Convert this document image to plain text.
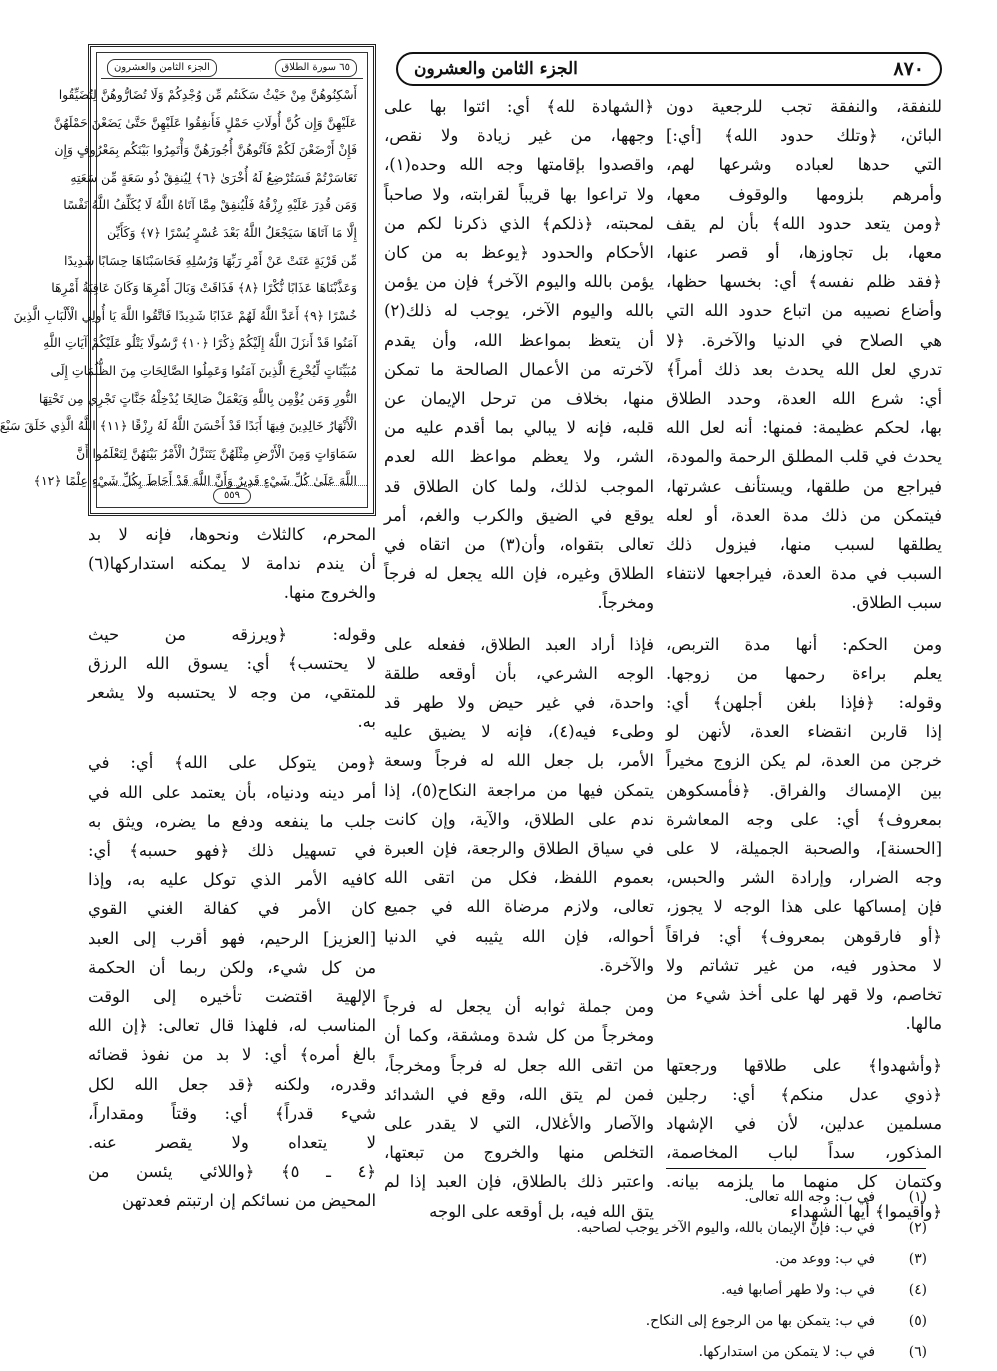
٨٧٠
الجزء الثامن والعشرون
٦٥ سورة الطلاق
الجزء الثامن والعشرون

أَسْكِنُوهُنَّ مِنْ حَيْثُ سَكَنتُم مِّن وُجْدِكُمْ وَلَا تُضَارُّوهُنَّ لِتُضَيِّقُوا

عَلَيْهِنَّ وَإِن كُنَّ أُولَاتِ حَمْلٍ فَأَنفِقُوا عَلَيْهِنَّ حَتَّىٰ يَضَعْنَ حَمْلَهُنَّ

فَإِنْ أَرْضَعْنَ لَكُمْ فَآتُوهُنَّ أُجُورَهُنَّ وَأْتَمِرُوا بَيْنَكُم بِمَعْرُوفٍ وَإِن

تَعَاسَرْتُمْ فَسَتُرْضِعُ لَهُ أُخْرَىٰ ﴿٦﴾ لِيُنفِقْ ذُو سَعَةٍ مِّن سَعَتِهِ

وَمَن قُدِرَ عَلَيْهِ رِزْقُهُ فَلْيُنفِقْ مِمَّا آتَاهُ اللَّهُ لَا يُكَلِّفُ اللَّهُ نَفْسًا

إِلَّا مَا آتَاهَا سَيَجْعَلُ اللَّهُ بَعْدَ عُسْرٍ يُسْرًا ﴿٧﴾ وَكَأَيِّن

مِّن قَرْيَةٍ عَتَتْ عَنْ أَمْرِ رَبِّهَا وَرُسُلِهِ فَحَاسَبْنَاهَا حِسَابًا شَدِيدًا

وَعَذَّبْنَاهَا عَذَابًا نُّكْرًا ﴿٨﴾ فَذَاقَتْ وَبَالَ أَمْرِهَا وَكَانَ عَاقِبَةُ أَمْرِهَا

خُسْرًا ﴿٩﴾ أَعَدَّ اللَّهُ لَهُمْ عَذَابًا شَدِيدًا فَاتَّقُوا اللَّهَ يَا أُولِي الْأَلْبَابِ الَّذِينَ

آمَنُوا قَدْ أَنزَلَ اللَّهُ إِلَيْكُمْ ذِكْرًا ﴿١٠﴾ رَّسُولًا يَتْلُو عَلَيْكُمْ آيَاتِ اللَّهِ

مُبَيِّنَاتٍ لِّيُخْرِجَ الَّذِينَ آمَنُوا وَعَمِلُوا الصَّالِحَاتِ مِنَ الظُّلُمَاتِ إِلَى

النُّورِ وَمَن يُؤْمِن بِاللَّهِ وَيَعْمَلْ صَالِحًا يُدْخِلْهُ جَنَّاتٍ تَجْرِي مِن تَحْتِهَا

الْأَنْهَارُ خَالِدِينَ فِيهَا أَبَدًا قَدْ أَحْسَنَ اللَّهُ لَهُ رِزْقًا ﴿١١﴾ اللَّهُ الَّذِي خَلَقَ سَبْعَ

سَمَاوَاتٍ وَمِنَ الْأَرْضِ مِثْلَهُنَّ يَتَنَزَّلُ الْأَمْرُ بَيْنَهُنَّ لِتَعْلَمُوا أَنَّ

اللَّهَ عَلَىٰ كُلِّ شَيْءٍ قَدِيرٌ وَأَنَّ اللَّهَ قَدْ أَحَاطَ بِكُلِّ شَيْءٍ عِلْمًا ﴿١٢﴾

٥٥٩

للنفقة، والنفقة تجب للرجعية دون

البائن، ﴿وتلك حدود الله﴾ [أي:]

التي حدها لعباده وشرعها لهم،

وأمرهم بلزومها والوقوف معها،

﴿ومن يتعد حدود الله﴾ بأن لم يقف

معها، بل تجاوزها، أو قصر عنها،

﴿فقد ظلم نفسه﴾ أي: بخسها حظها،

وأضاع نصيبه من اتباع حدود الله التي

هي الصلاح في الدنيا والآخرة. ﴿لا

تدري لعل الله يحدث بعد ذلك أمراً﴾

أي: شرع الله العدة، وحدد الطلاق

بها، لحكم عظيمة: فمنها: أنه لعل الله

يحدث في قلب المطلق الرحمة والمودة،

فيراجع من طلقها، ويستأنف عشرتها،

فيتمكن من ذلك مدة العدة، أو لعله

يطلقها لسبب منها، فيزول ذلك

السبب في مدة العدة، فيراجعها لانتفاء

سبب الطلاق.

ومن الحكم: أنها مدة التربص،

يعلم براءة رحمها من زوجها.

وقوله: ﴿فإذا بلغن أجلهن﴾ أي:

إذا قاربن انقضاء العدة، لأنهن لو

خرجن من العدة، لم يكن الزوج مخيراً

بين الإمساك والفراق. ﴿فأمسكوهن

بمعروف﴾ أي: على وجه المعاشرة

[الحسنة]، والصحبة الجميلة، لا على

وجه الضرار، وإرادة الشر والحبس،

فإن إمساكها على هذا الوجه لا يجوز،

﴿أو فارقوهن بمعروف﴾ أي: فراقاً

لا محذور فيه، من غير تشاتم ولا

تخاصم، ولا قهر لها على أخذ شيء من

مالها.

﴿وأشهدوا﴾ على طلاقها ورجعتها

﴿ذوي عدل منكم﴾ أي: رجلين

مسلمين عدلين، لأن في الإشهاد

المذكور، سداً لباب المخاصمة،

وكتمان كل منهما ما يلزمه بيانه.

﴿وأقيموا﴾ أيها الشهداء

﴿الشهادة لله﴾ أي: ائتوا بها على

وجهها، من غير زيادة ولا نقص،

واقصدوا بإقامتها وجه الله وحده(١)،

ولا تراعوا بها قريباً لقرابته، ولا صاحباً

لمحبته، ﴿ذلكم﴾ الذي ذكرنا لكم من

الأحكام والحدود ﴿يوعظ به من كان

يؤمن بالله واليوم الآخر﴾ فإن من يؤمن

بالله واليوم الآخر، يوجب له ذلك(٢)

أن يتعظ بمواعظ الله، وأن يقدم

لآخرته من الأعمال الصالحة ما تمكن

منها، بخلاف من ترحل الإيمان عن

قلبه، فإنه لا يبالي بما أقدم عليه من

الشر، ولا يعظم مواعظ الله لعدم

الموجب لذلك، ولما كان الطلاق قد

يوقع في الضيق والكرب والغم، أمر

تعالى بتقواه، وأن(٣) من اتقاه في

الطلاق وغيره، فإن الله يجعل له فرجاً

ومخرجاً.

فإذا أراد العبد الطلاق، ففعله على

الوجه الشرعي، بأن أوقعه طلقة

واحدة، في غير حيض ولا طهر قد

وطىء فيه(٤)، فإنه لا يضيق عليه

الأمر، بل جعل الله له فرجاً وسعة

يتمكن فيها من مراجعة النكاح(٥)، إذا

ندم على الطلاق، والآية، وإن كانت

في سياق الطلاق والرجعة، فإن العبرة

بعموم اللفظ، فكل من اتقى الله

تعالى، ولازم مرضاة الله في جميع

أحواله، فإن الله يثيبه في الدنيا

والآخرة.

ومن جملة ثوابه أن يجعل له فرجاً

ومخرجاً من كل شدة ومشقة، وكما أن

من اتقى الله جعل له فرجاً ومخرجاً،

فمن لم يتق الله، وقع في الشدائد

والآصار والأغلال، التي لا يقدر على

التخلص منها والخروج من تبعتها،

واعتبر ذلك بالطلاق، فإن العبد إذا لم

يتق الله فيه، بل أوقعه على الوجه

المحرم، كالثلاث ونحوها، فإنه لا بد

أن يندم ندامة لا يمكنه استداركها(٦)

والخروج منها.

وقوله: ﴿ويرزقه من حيث

لا يحتسب﴾ أي: يسوق الله الرزق

للمتقي، من وجه لا يحتسبه ولا يشعر

به.

﴿ومن يتوكل على الله﴾ أي: في

أمر دينه ودنياه، بأن يعتمد على الله في

جلب ما ينفعه ودفع ما يضره، ويثق به

في تسهيل ذلك ﴿فهو حسبه﴾ أي:

كافيه الأمر الذي توكل عليه به، وإذا

كان الأمر في كفالة الغني القوي

[العزيز] الرحيم، فهو أقرب إلى العبد

من كل شيء، ولكن ربما أن الحكمة

الإلهية اقتضت تأخيره إلى الوقت

المناسب له، فلهذا قال تعالى: ﴿إن الله

بالغ أمره﴾ أي: لا بد من نفوذ قضائه

وقدره، ولكنه ﴿قد جعل الله لكل

شيء قدراً﴾ أي: وقتاً ومقداراً،

لا يتعداه ولا يقصر عنه.

﴿٤ ـ ٥﴾ ﴿واللائي يئسن من

المحيض من نسائكم إن ارتبتم فعدتهن	(١)
في ب: وجه الله تعالى.
(٢)
في ب: فإنَّ الإيمان بالله، واليوم الآخر يوجب لصاحبه.
(٣)
في ب: ووعد من.
(٤)
في ب: ولا طهر أصابها فيه.
(٥)
في ب: يتمكن بها من الرجوع إلى النكاح.
(٦)
في ب: لا يتمكن من استداركها.
